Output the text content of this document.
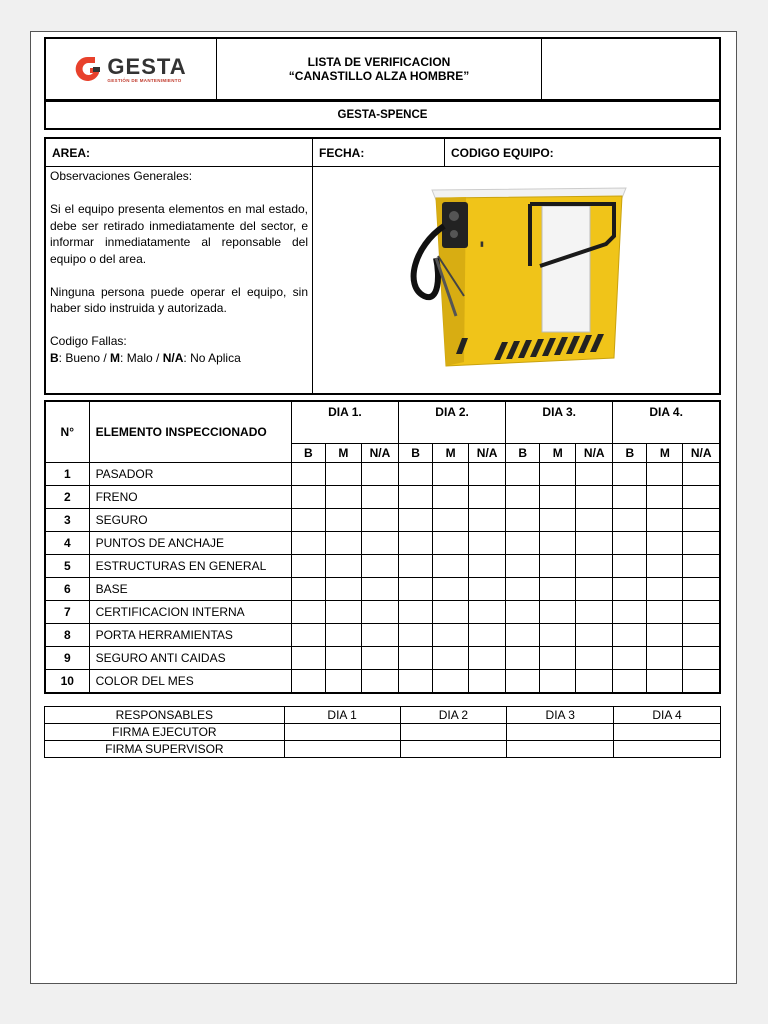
GESTA
GESTIÓN DE MANTENIMIENTO
LISTA DE VERIFICACION
“CANASTILLO ALZA HOMBRE”
GESTA-SPENCE
AREA:	FECHA:	CODIGO EQUIPO:

Observaciones Generales:

Si el equipo presenta elementos en mal estado, debe ser retirado inmediatamente del sector, e informar inmediatamente al reponsable del equipo o del area.

Ninguna persona puede operar el equipo, sin haber sido instruida y autorizada.

Codigo Fallas:

B: Bueno / M: Malo / N/A: No Aplica

▮
N°	ELEMENTO INSPECCIONADO	DIA 1.			DIA 2.			DIA 3.			DIA 4.		
		B	M	N/A	B	M	N/A	B	M	N/A	B	M	N/A
1	PASADOR												
2	FRENO												
3	SEGURO												
4	PUNTOS DE ANCHAJE												
5	ESTRUCTURAS EN GENERAL												
6	BASE												
7	CERTIFICACION INTERNA												
8	PORTA HERRAMIENTAS												
9	SEGURO ANTI CAIDAS												
10	COLOR DEL MES												
RESPONSABLES	DIA 1	DIA 2	DIA 3	DIA 4
FIRMA EJECUTOR				
FIRMA SUPERVISOR				
